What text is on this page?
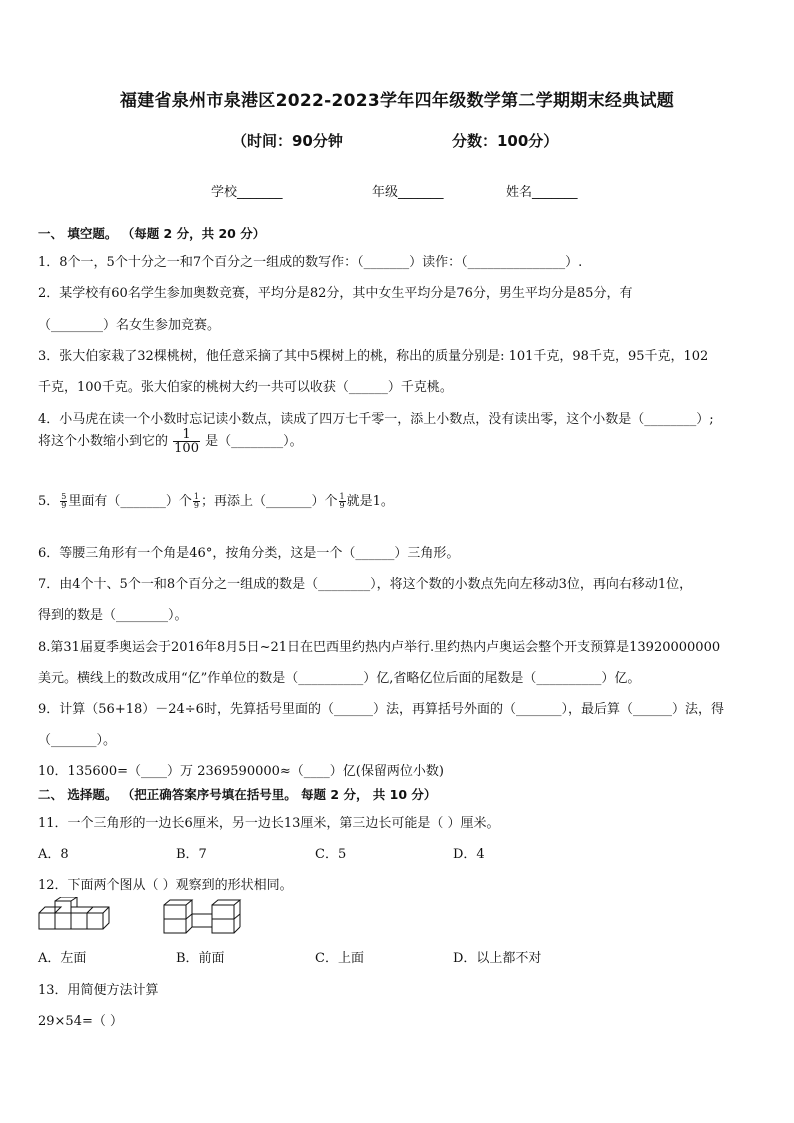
福建省泉州市泉港区2022-2023学年四年级数学第二学期期末经典试题
（时间：90分钟	分数：100分）
学校_______	年级_______	姓名_______
一、 填空题。 （每题 2 分，共 20 分）
1．8个一，5个十分之一和7个百分之一组成的数写作：（_______）读作：（_______________）.
2．某学校有60名学生参加奥数竞赛，平均分是82分，其中女生平均分是76分，男生平均分是85分，有
（________）名女生参加竞赛。
3．张大伯家栽了32棵桃树，他任意采摘了其中5棵树上的桃，称出的质量分别是: 101千克，98千克，95千克，102
千克，100千克。张大伯家的桃树大约一共可以收获（______）千克桃。
4．小马虎在读一个小数时忘记读小数点，读成了四万七千零一，添上小数点，没有读出零，这个小数是（________）;
将这个小数缩小到它的 $\frac{1}{100}$ 是（________）。
5． $\frac{5}{9}$ 里面有（_______）个 $\frac{1}{9}$ ；再添上（_______）个 $\frac{1}{9}$ 就是1。
6．等腰三角形有一个角是46°，按角分类，这是一个（______）三角形。
7．由4个十、5个一和8个百分之一组成的数是（________），将这个数的小数点先向左移动3位，再向右移动1位，
得到的数是（________）。
8.第31届夏季奥运会于2016年8月5日~21日在巴西里约热内卢举行.里约热内卢奥运会整个开支预算是13920000000
美元。横线上的数改成用“亿”作单位的数是（__________）亿,省略亿位后面的尾数是（__________）亿。
9．计算（56+18）－24÷6时，先算括号里面的（______）法，再算括号外面的（_______），最后算（______）法，得
（_______）。
10．135600=（____）万 2369590000≈（____）亿(保留两位小数)
二、 选择题。 （把正确答案序号填在括号里。 每题 2 分， 共 10 分）
11．一个三角形的一边长6厘米，另一边长13厘米，第三边长可能是（ ）厘米。
A．8	B．7	C．5	D．4
12．下面两个图从（ ）观察到的形状相同。
A．左面	B．前面	C．上面	D．以上都不对
13．用简便方法计算
29×54=（ ）
